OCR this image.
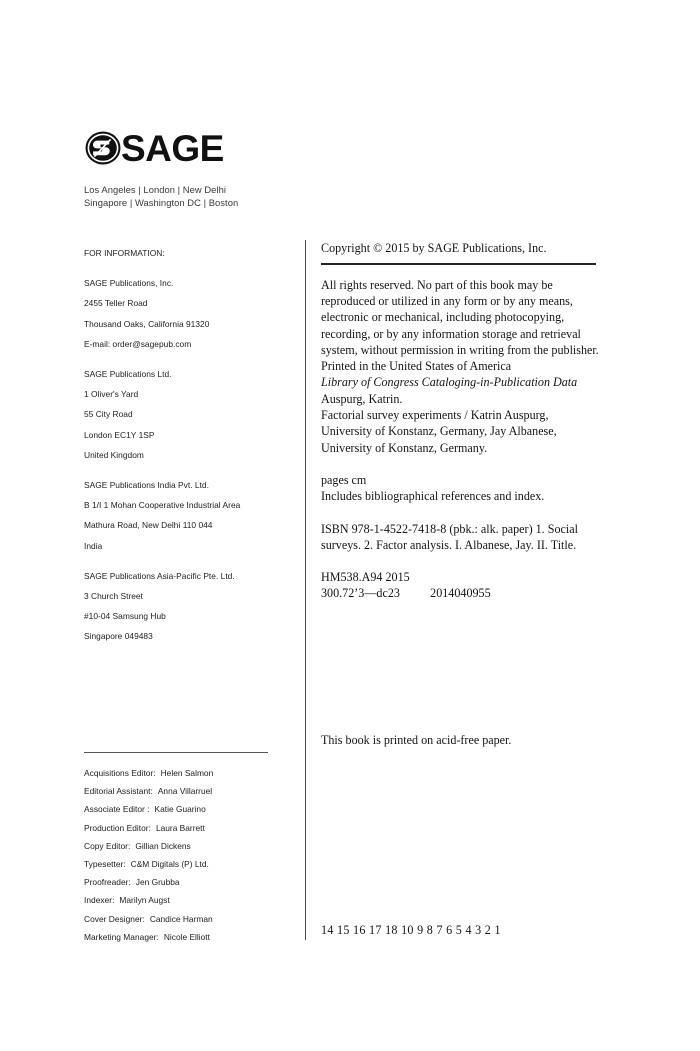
SAGE
Los Angeles | London | New Delhi
Singapore | Washington DC | Boston
FOR INFORMATION:
SAGE Publications, Inc.
2455 Teller Road
Thousand Oaks, California 91320
E-mail: order@sagepub.com
SAGE Publications Ltd.
1 Oliver's Yard
55 City Road
London EC1Y 1SP
United Kingdom
SAGE Publications India Pvt. Ltd.
B 1/I 1 Mohan Cooperative Industrial Area
Mathura Road, New Delhi 110 044
India
SAGE Publications Asia-Pacific Pte. Ltd.
3 Church Street
#10-04 Samsung Hub
Singapore 049483
Acquisitions Editor: Helen Salmon
Editorial Assistant: Anna Villarruel
Associate Editor : Katie Guarino
Production Editor: Laura Barrett
Copy Editor: Gillian Dickens
Typesetter: C&M Digitals (P) Ltd.
Proofreader: Jen Grubba
Indexer: Marilyn Augst
Cover Designer: Candice Harman
Marketing Manager: Nicole Elliott

Copyright © 2015 by SAGE Publications, Inc.

All rights reserved. No part of this book may be reproduced or utilized in any form or by any means, electronic or mechanical, including photocopying, recording, or by any information storage and retrieval system, without permission in writing from the publisher.

Printed in the United States of America

Library of Congress Cataloging-in-Publication Data

Auspurg, Katrin.

Factorial survey experiments / Katrin Auspurg,

University of Konstanz, Germany, Jay Albanese,

University of Konstanz, Germany.

pages cm

Includes bibliographical references and index.

ISBN 978-1-4522-7418-8 (pbk.: alk. paper) 1. Social

surveys. 2. Factor analysis. I. Albanese, Jay. II. Title.

HM538.A94 2015

300.72’3—dc23          2014040955

This book is printed on acid-free paper.
14 15 16 17 18 10 9 8 7 6 5 4 3 2 1
